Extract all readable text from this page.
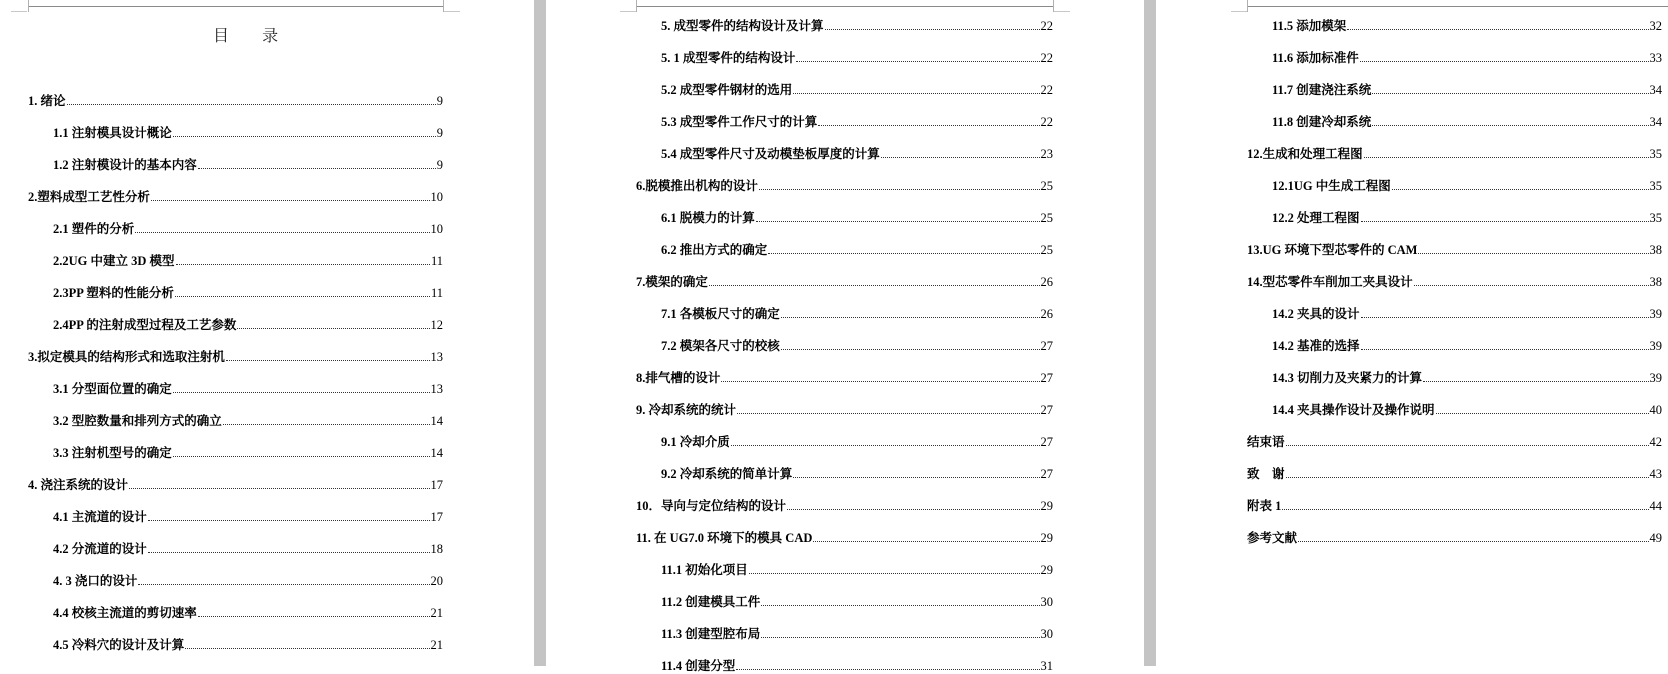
目 录
1. 绪论	9
1.1 注射模具设计概论	9
1.2 注射模设计的基本内容	9
2.塑料成型工艺性分析	10
2.1 塑件的分析	10
2.2UG 中建立 3D 模型	11
2.3PP 塑料的性能分析	11
2.4PP 的注射成型过程及工艺参数	12
3.拟定模具的结构形式和选取注射机	13
3.1 分型面位置的确定	13
3.2 型腔数量和排列方式的确立	14
3.3 注射机型号的确定	14
4. 浇注系统的设计	17
4.1 主流道的设计	17
4.2 分流道的设计	18
4. 3 浇口的设计	20
4.4 校核主流道的剪切速率	21
4.5 冷料穴的设计及计算	21
5. 成型零件的结构设计及计算	22
5. 1 成型零件的结构设计	22
5.2 成型零件钢材的选用	22
5.3 成型零件工作尺寸的计算	22
5.4 成型零件尺寸及动模垫板厚度的计算	23
6.脱模推出机构的设计	25
6.1 脱模力的计算	25
6.2 推出方式的确定	25
7.模架的确定	26
7.1 各模板尺寸的确定	26
7.2 模架各尺寸的校核	27
8.排气槽的设计	27
9. 冷却系统的统计	27
9.1 冷却介质	27
9.2 冷却系统的简单计算	27
10．导向与定位结构的设计	29
11. 在 UG7.0 环境下的模具 CAD	29
11.1 初始化项目	29
11.2 创建模具工件	30
11.3 创建型腔布局	30
11.4 创建分型	31
11.5 添加模架	32
11.6 添加标准件	33
11.7 创建浇注系统	34
11.8 创建冷却系统	34
12.生成和处理工程图	35
12.1UG 中生成工程图	35
12.2 处理工程图	35
13.UG 环境下型芯零件的 CAM	38
14.型芯零件车削加工夹具设计	38
14.2 夹具的设计	39
14.2 基准的选择	39
14.3 切削力及夹紧力的计算	39
14.4 夹具操作设计及操作说明	40
结束语	42
致　谢	43
附表 1	44
参考文献	49
